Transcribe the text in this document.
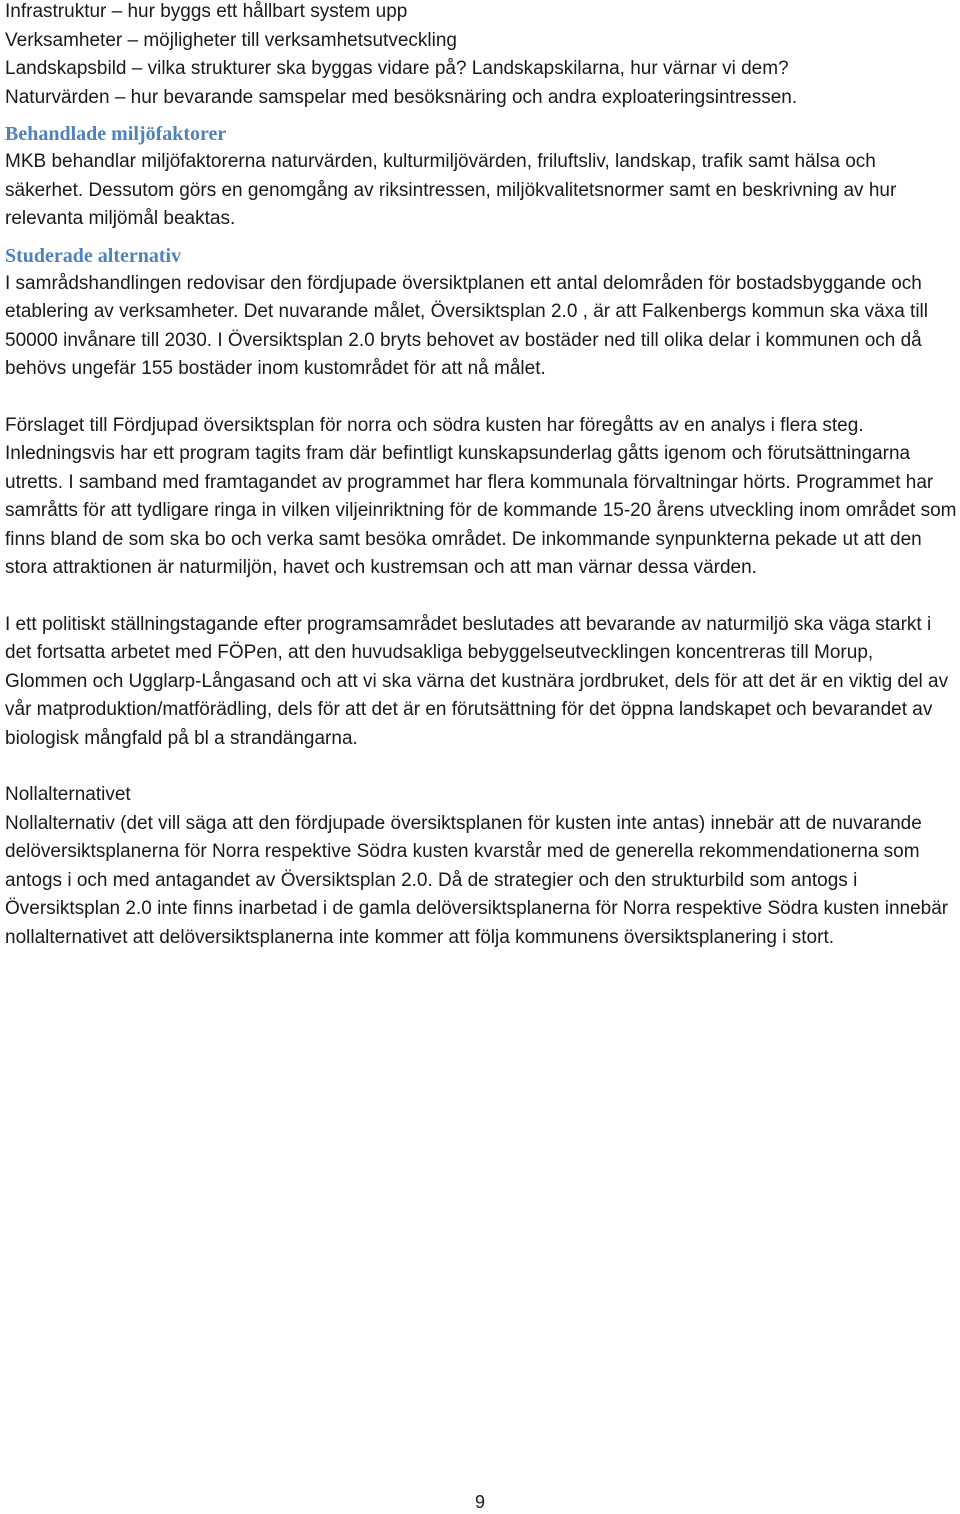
Infrastruktur – hur byggs ett hållbart system upp

Verksamheter – möjligheter till verksamhetsutveckling

Landskapsbild – vilka strukturer ska byggas vidare på? Landskapskilarna, hur värnar vi dem?

Naturvärden – hur bevarande samspelar med besöksnäring och andra exploateringsintressen.

Behandlade miljöfaktorer

MKB behandlar miljöfaktorerna naturvärden, kulturmiljövärden, friluftsliv, landskap, trafik samt hälsa och säkerhet. Dessutom görs en genomgång av riksintressen, miljökvalitetsnormer samt en beskrivning av hur relevanta miljömål beaktas.

Studerade alternativ

I samrådshandlingen redovisar den fördjupade översiktplanen ett antal delområden för bostadsbyggande och etablering av verksamheter. Det nuvarande målet, Översiktsplan 2.0 , är att Falkenbergs kommun ska växa till 50000 invånare till 2030. I Översiktsplan 2.0 bryts behovet av bostäder ned till olika delar i kommunen och då behövs ungefär 155 bostäder inom kustområdet för att nå målet.

Förslaget till Fördjupad översiktsplan för norra och södra kusten har föregåtts av en analys i flera steg. Inledningsvis har ett program tagits fram där befintligt kunskapsunderlag gåtts igenom och förutsättningarna utretts. I samband med framtagandet av programmet har flera kommunala förvaltningar hörts. Programmet har samråtts för att tydligare ringa in vilken viljeinriktning för de kommande 15-20 årens utveckling inom området som finns bland de som ska bo och verka samt besöka området. De inkommande synpunkterna pekade ut att den stora attraktionen är naturmiljön, havet och kustremsan och att man värnar dessa värden.

I ett politiskt ställningstagande efter programsamrådet beslutades att bevarande av naturmiljö ska väga starkt i det fortsatta arbetet med FÖPen, att den huvudsakliga bebyggelseutvecklingen koncentreras till Morup, Glommen och Ugglarp-Långasand och att vi ska värna det kustnära jordbruket, dels för att det är en viktig del av vår matproduktion/matförädling, dels för att det är en förutsättning för det öppna landskapet och bevarandet av biologisk mångfald på bl a strandängarna.

Nollalternativet

Nollalternativ (det vill säga att den fördjupade översiktsplanen för kusten inte antas) innebär att de nuvarande delöversiktsplanerna för Norra respektive Södra kusten kvarstår med de generella rekommendationerna som antogs i och med antagandet av Översiktsplan 2.0. Då de strategier och den strukturbild som antogs i Översiktsplan 2.0 inte finns inarbetad i de gamla delöversiktsplanerna för Norra respektive Södra kusten innebär nollalternativet att delöversiktsplanerna inte kommer att följa kommunens översiktsplanering i stort.

9
